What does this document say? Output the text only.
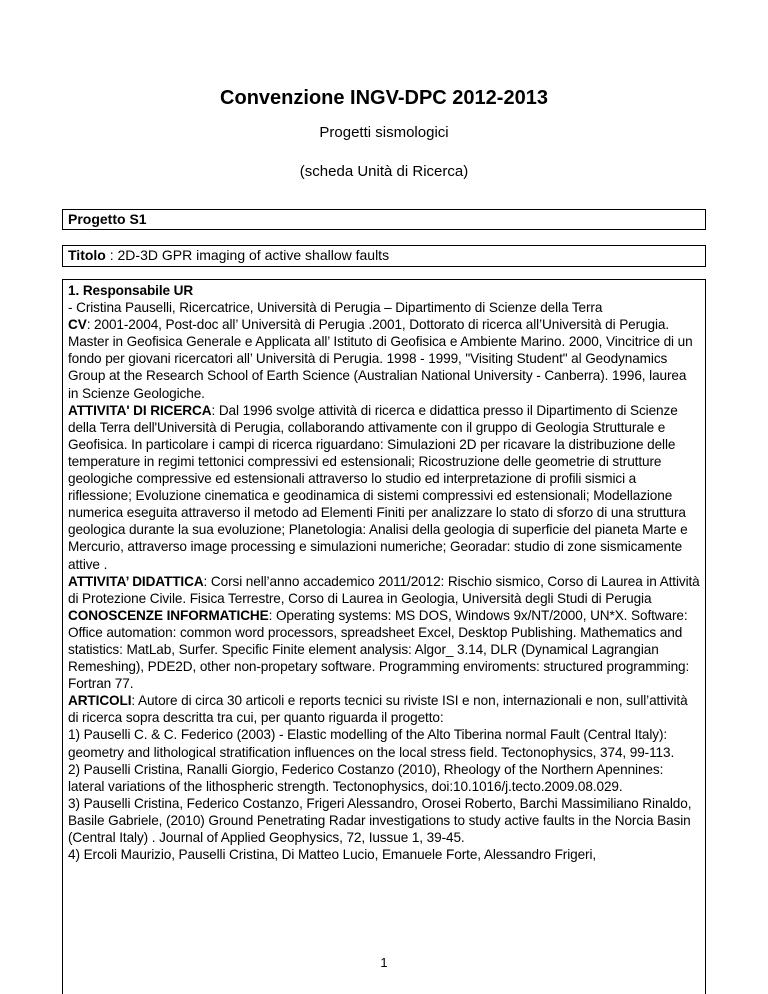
Convenzione INGV-DPC 2012-2013
Progetti sismologici
(scheda Unità di Ricerca)
Progetto S1
Titolo : 2D-3D GPR imaging of active shallow faults
1. Responsabile UR
- Cristina Pauselli, Ricercatrice, Università di Perugia – Dipartimento di Scienze della Terra
CV: 2001-2004, Post-doc all’ Università di Perugia .2001, Dottorato di ricerca all’Università di Perugia. Master in Geofisica Generale e Applicata all’ Istituto di Geofisica e Ambiente Marino. 2000, Vincitrice di un fondo per giovani ricercatori all’ Università di Perugia. 1998 - 1999, "Visiting Student" al Geodynamics Group at the Research School of Earth Science (Australian National University - Canberra). 1996, laurea in Scienze Geologiche.
ATTIVITA' DI RICERCA: Dal 1996 svolge attività di ricerca e didattica presso il Dipartimento di Scienze della Terra dell'Università di Perugia, collaborando attivamente con il gruppo di Geologia Strutturale e Geofisica. In particolare i campi di ricerca riguardano: Simulazioni 2D per ricavare la distribuzione delle temperature in regimi tettonici compressivi ed estensionali; Ricostruzione delle geometrie di strutture geologiche compressive ed estensionali attraverso lo studio ed interpretazione di profili sismici a riflessione; Evoluzione cinematica e geodinamica di sistemi compressivi ed estensionali; Modellazione numerica eseguita attraverso il metodo ad Elementi Finiti per analizzare lo stato di sforzo di una struttura geologica durante la sua evoluzione; Planetologia: Analisi della geologia di superficie del pianeta Marte e Mercurio, attraverso image processing e simulazioni numeriche; Georadar: studio di zone sismicamente attive .
ATTIVITA’ DIDATTICA: Corsi nell’anno accademico 2011/2012: Rischio sismico, Corso di Laurea in Attività di Protezione Civile. Fisica Terrestre, Corso di Laurea in Geologia, Università degli Studi di Perugia
CONOSCENZE INFORMATICHE: Operating systems: MS DOS, Windows 9x/NT/2000, UN*X. Software: Office automation: common word processors, spreadsheet Excel, Desktop Publishing. Mathematics and statistics: MatLab, Surfer. Specific Finite element analysis: Algor_ 3.14, DLR (Dynamical Lagrangian Remeshing), PDE2D, other non-propetary software. Programming enviroments: structured programming: Fortran 77.
ARTICOLI: Autore di circa 30 articoli e reports tecnici su riviste ISI e non, internazionali e non, sull’attività di ricerca sopra descritta tra cui, per quanto riguarda il progetto:
1) Pauselli C. & C. Federico (2003) - Elastic modelling of the Alto Tiberina normal Fault (Central Italy): geometry and lithological stratification influences on the local stress field. Tectonophysics, 374, 99-113.
2) Pauselli Cristina, Ranalli Giorgio, Federico Costanzo (2010), Rheology of the Northern Apennines: lateral variations of the lithospheric strength. Tectonophysics, doi:10.1016/j.tecto.2009.08.029.
3) Pauselli Cristina, Federico Costanzo, Frigeri Alessandro, Orosei Roberto, Barchi Massimiliano Rinaldo, Basile Gabriele, (2010) Ground Penetrating Radar investigations to study active faults in the Norcia Basin (Central Italy) . Journal of Applied Geophysics, 72, Iussue 1, 39-45.
4) Ercoli Maurizio, Pauselli Cristina, Di Matteo Lucio, Emanuele Forte, Alessandro Frigeri,
1
